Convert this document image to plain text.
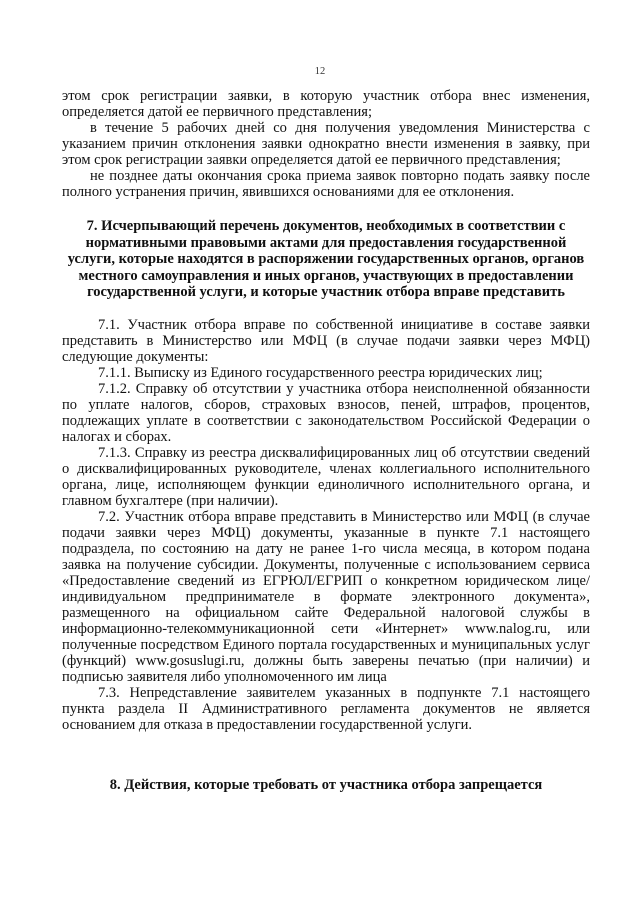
12

этом срок регистрации заявки, в которую участник отбора внес изменения, определяется датой ее первичного представления;

в течение 5 рабочих дней со дня получения уведомления Министерства с указанием причин отклонения заявки однократно внести изменения в заявку, при этом срок регистрации заявки определяется датой ее первичного представления;

не позднее даты окончания срока приема заявок повторно подать заявку после полного устранения причин, явившихся основаниями для ее отклонения.

7. Исчерпывающий перечень документов, необходимых в соответствии с нормативными правовыми актами для предоставления государственной услуги, которые находятся в распоряжении государственных органов, органов местного самоуправления и иных органов, участвующих в предоставлении государственной услуги, и которые участник отбора вправе представить

7.1. Участник отбора вправе по собственной инициативе в составе заявки представить в Министерство или МФЦ (в случае подачи заявки через МФЦ) следующие документы:

7.1.1. Выписку из Единого государственного реестра юридических лиц;

7.1.2. Справку об отсутствии у участника отбора неисполненной обязанности по уплате налогов, сборов, страховых взносов, пеней, штрафов, процентов, подлежащих уплате в соответствии с законодательством Российской Федерации о налогах и сборах.

7.1.3. Справку из реестра дисквалифицированных лиц об отсутствии сведений о дисквалифицированных руководителе, членах коллегиального исполнительного органа, лице, исполняющем функции единоличного исполнительного органа, и главном бухгалтере (при наличии).

7.2. Участник отбора вправе представить в Министерство или МФЦ (в случае подачи заявки через МФЦ) документы, указанные в пункте 7.1 настоящего подраздела, по состоянию на дату не ранее 1-го числа месяца, в котором подана заявка на получение субсидии. Документы, полученные с использованием сервиса «Предоставление сведений из ЕГРЮЛ/ЕГРИП о конкретном юридическом лице/индивидуальном предпринимателе в формате электронного документа», размещенного на официальном сайте Федеральной налоговой службы в информационно-телекоммуникационной сети «Интернет» www.nalog.ru, или полученные посредством Единого портала государственных и муниципальных услуг (функций) www.gosuslugi.ru, должны быть заверены печатью (при наличии) и подписью заявителя либо уполномоченного им лица

7.3. Непредставление заявителем указанных в подпункте 7.1 настоящего пункта раздела II Административного регламента документов не является основанием для отказа в предоставлении государственной услуги.

8. Действия, которые требовать от участника отбора запрещается
